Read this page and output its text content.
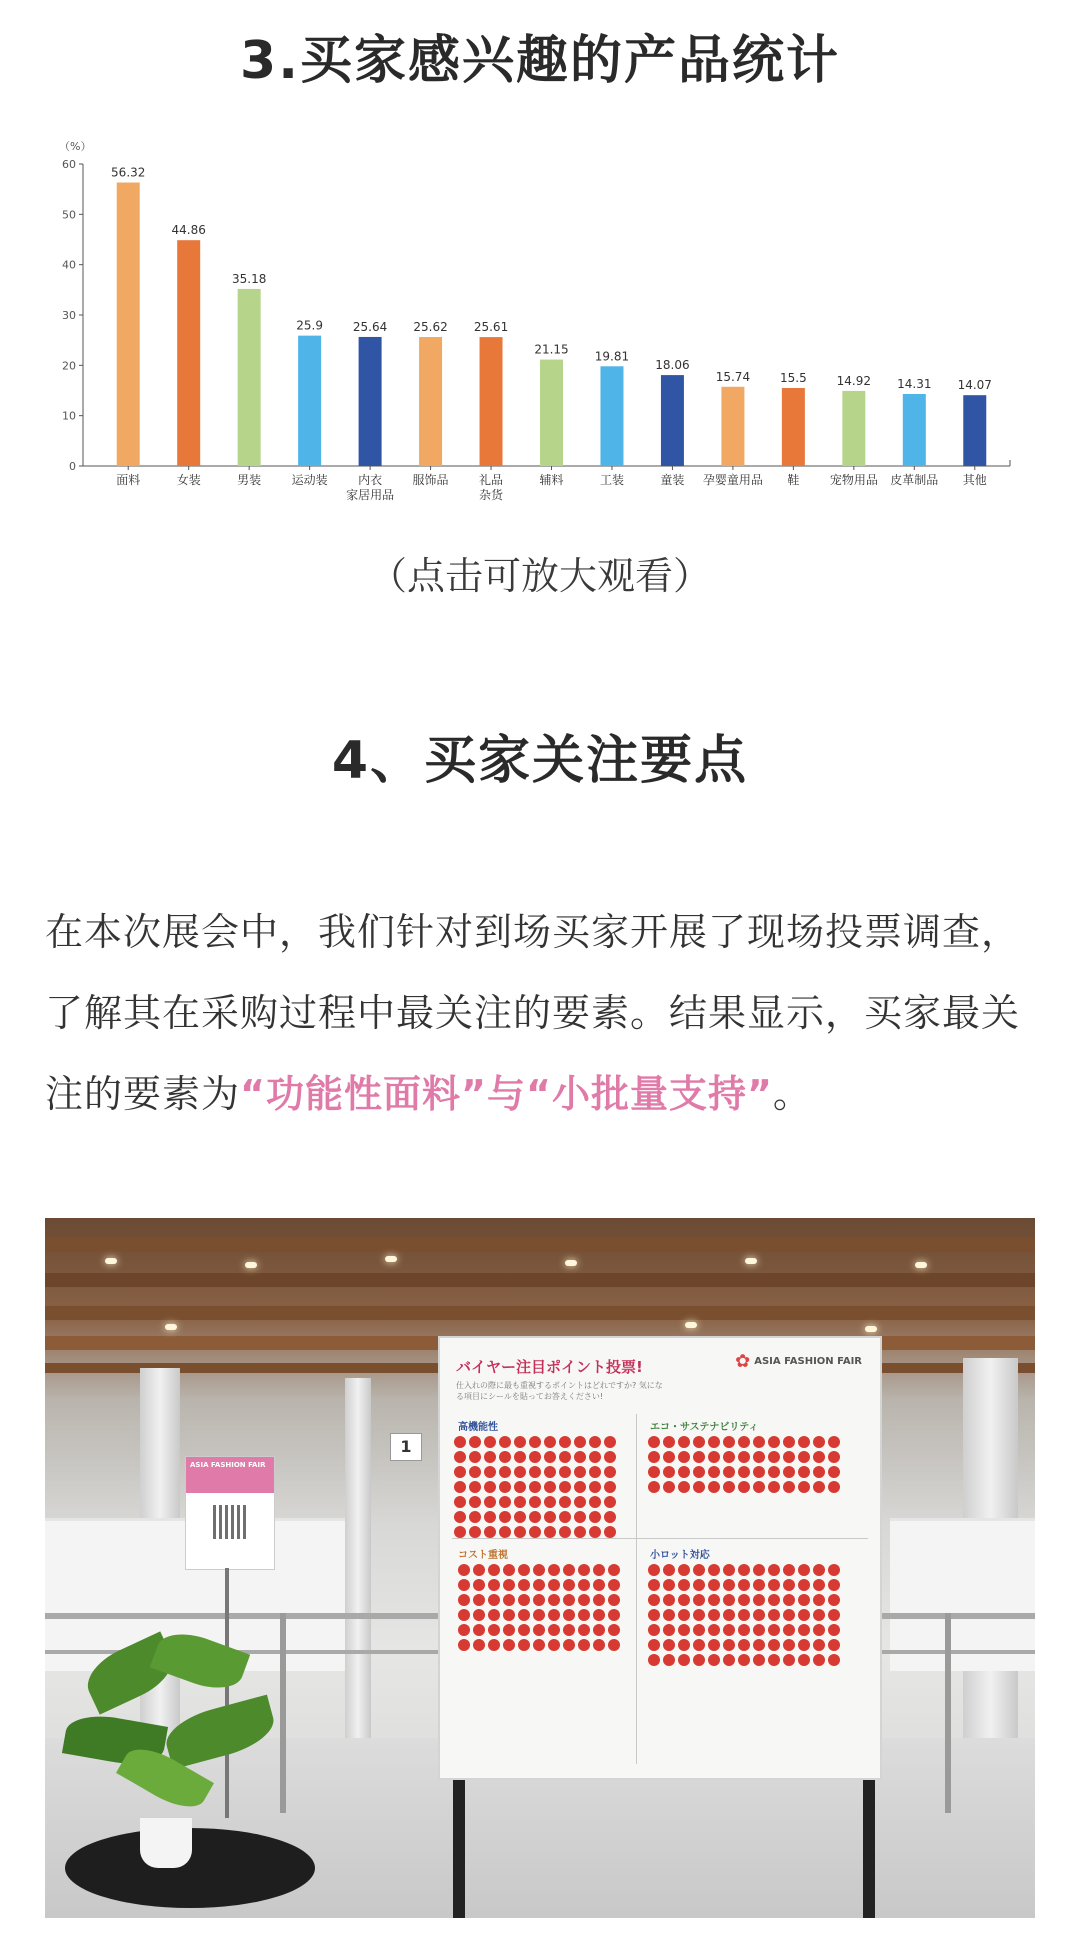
3.买家感兴趣的产品统计
（%）
0
10
20
30
40
50
60
56.32
面料
44.86
女装
35.18
男装
25.9
运动装
25.64
内衣
家居用品
25.62
服饰品
25.61
礼品
杂货
21.15
辅料
19.81
工装
18.06
童装
15.74
孕婴童用品
15.5
鞋
14.92
宠物用品
14.31
皮革制品
14.07
其他
（点击可放大观看）
4、买家关注要点
在本次展会中，我们针对到场买家开展了现场投票调查，了解其在采购过程中最关注的要素。结果显示，买家最关注的要素为“功能性面料”与“小批量支持”。
1
ASIA FASHION FAIR
バイヤー注目ポイント投票!
仕入れの際に最も重視するポイントはどれですか? 気になる項目にシールを貼ってお答えください!
✿ ASIA FASHION FAIR
高機能性	エコ・サステナビリティ
コスト重視	小ロット対応
